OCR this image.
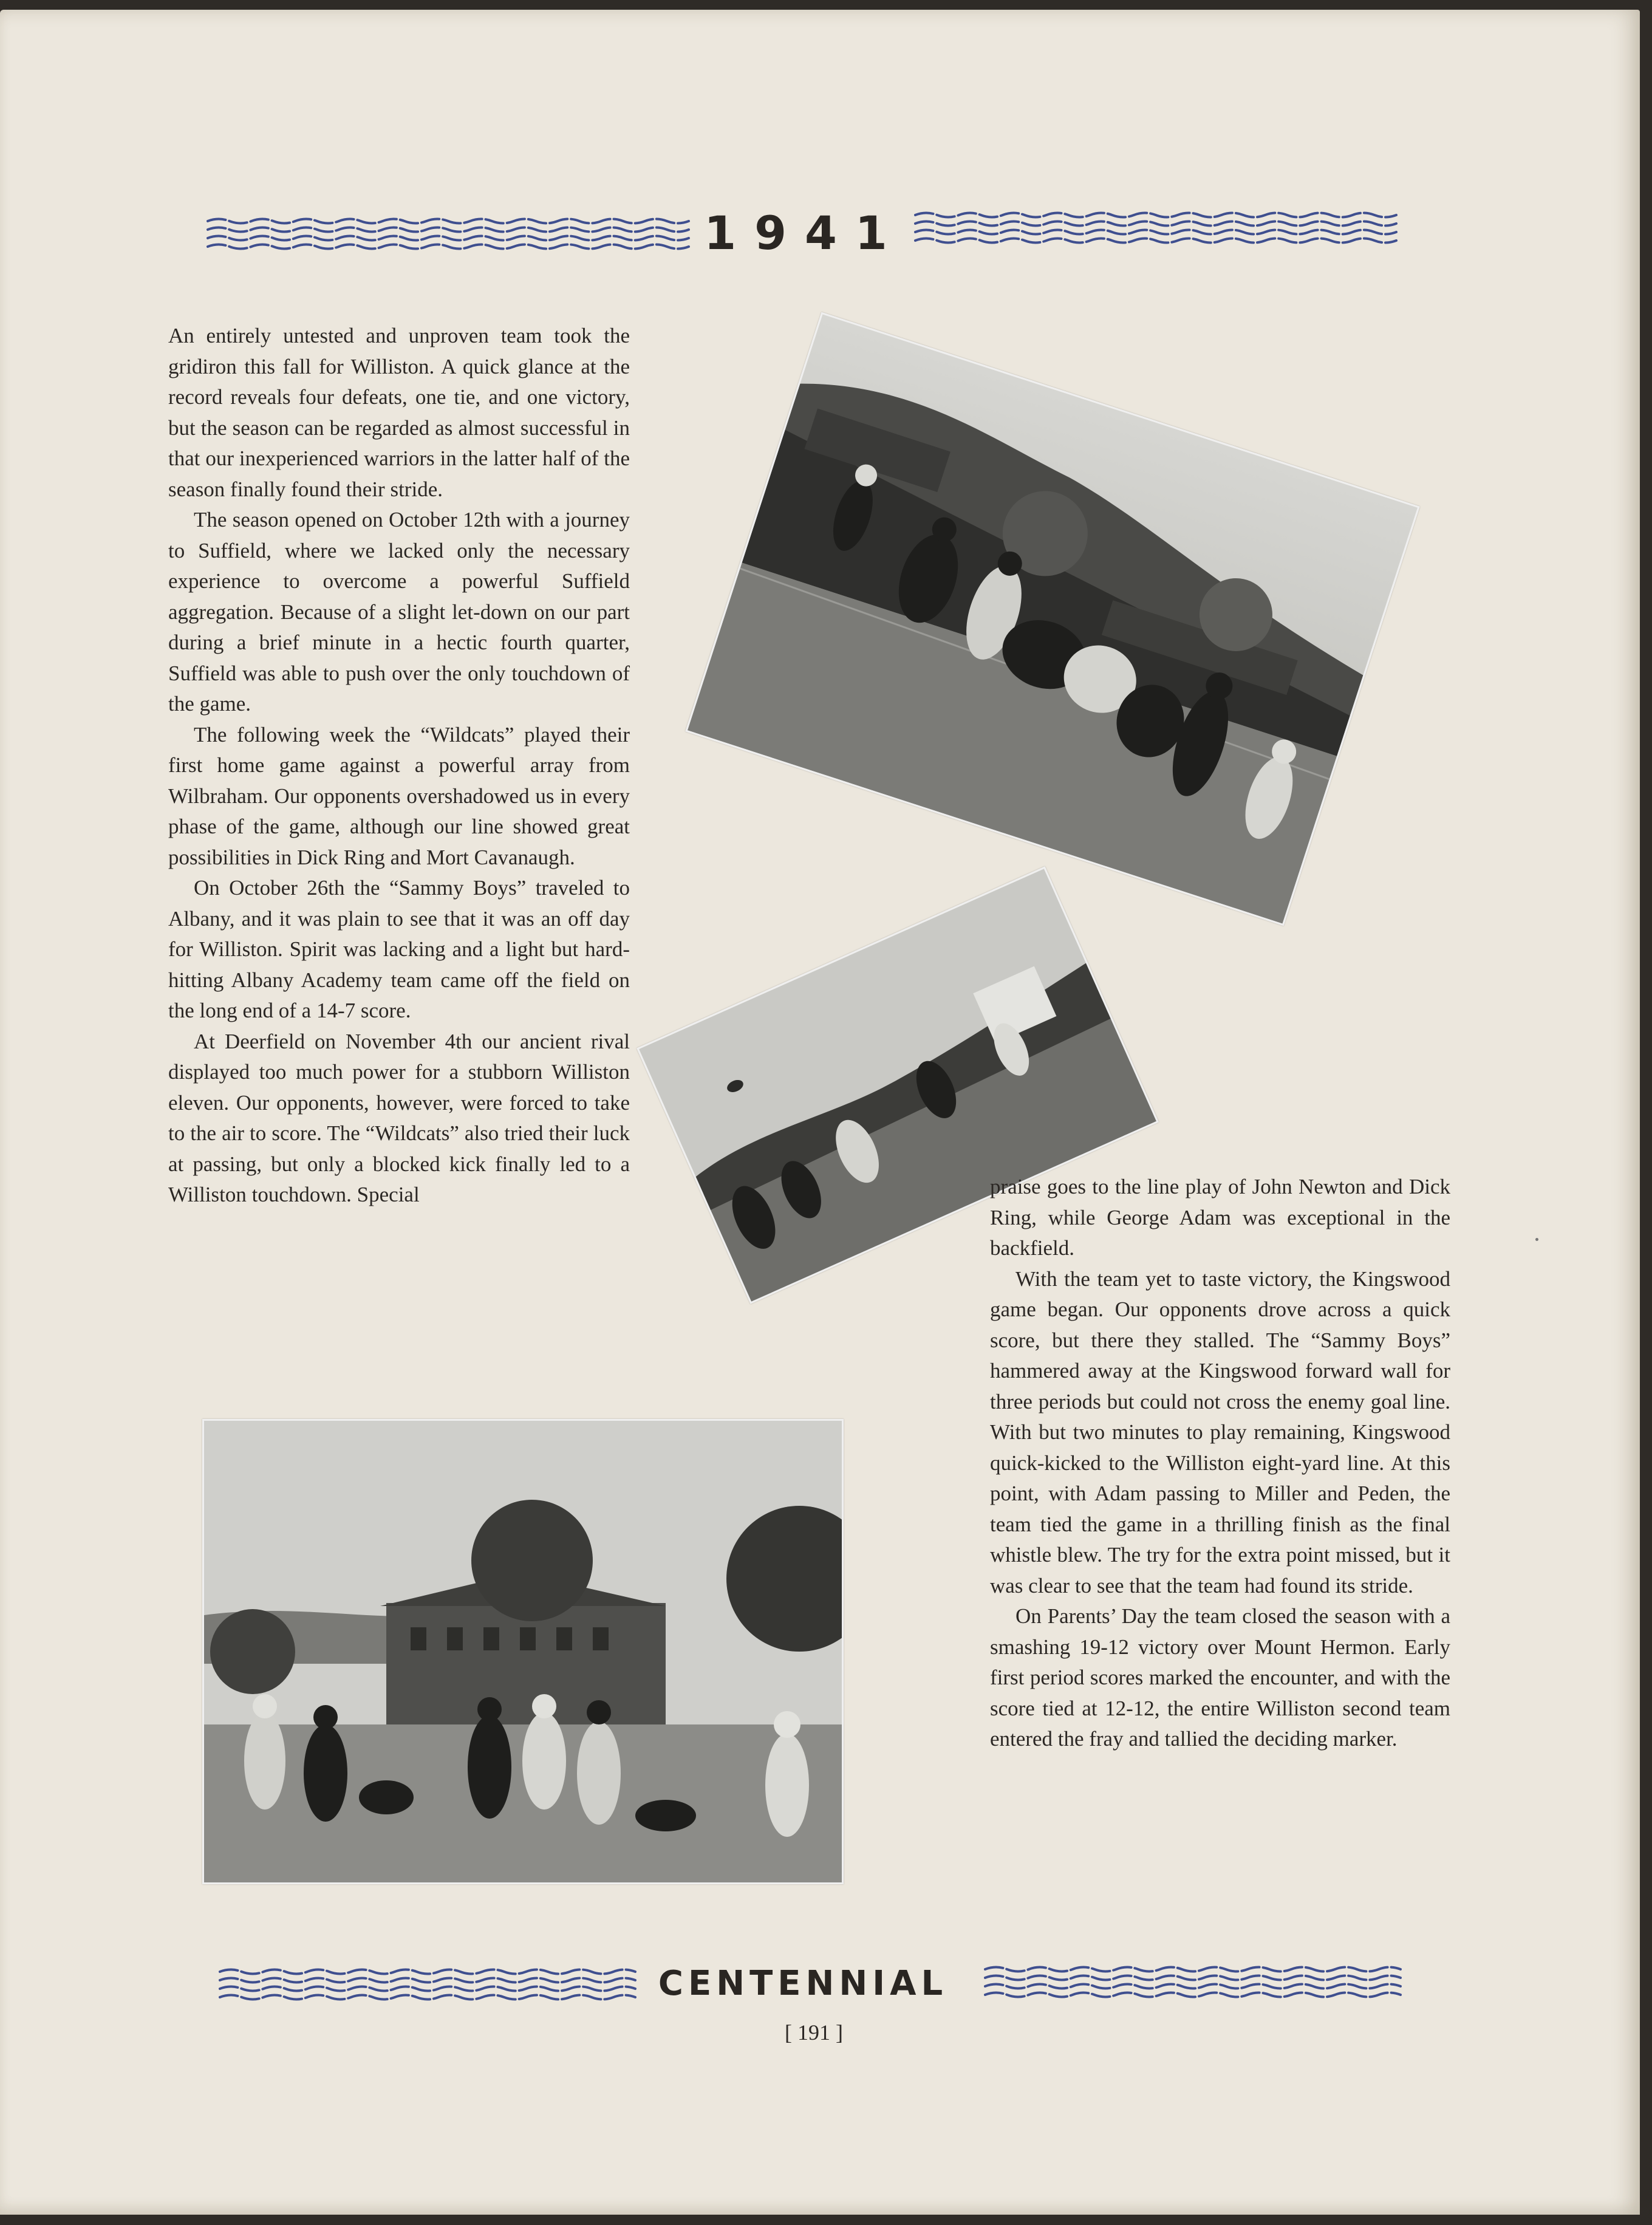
1941

An entirely untested and unproven team took the gridiron this fall for Williston. A quick glance at the record reveals four defeats, one tie, and one victory, but the season can be regarded as almost successful in that our inexperienced warriors in the latter half of the season finally found their stride.

The season opened on October 12th with a journey to Suffield, where we lacked only the necessary experience to overcome a powerful Suffield aggregation. Because of a slight let-down on our part during a brief minute in a hectic fourth quarter, Suffield was able to push over the only touchdown of the game.

The following week the “Wildcats” played their first home game against a powerful array from Wilbraham. Our opponents overshadowed us in every phase of the game, although our line showed great possibilities in Dick Ring and Mort Cavanaugh.

On October 26th the “Sammy Boys” traveled to Albany, and it was plain to see that it was an off day for Williston. Spirit was lacking and a light but hard-hitting Albany Academy team came off the field on the long end of a 14-7 score.

At Deerfield on November 4th our ancient rival displayed too much power for a stubborn Williston eleven. Our opponents, however, were forced to take to the air to score. The “Wildcats” also tried their luck at passing, but only a blocked kick finally led to a Williston touchdown. Special	praise goes to the line play of John Newton and Dick Ring, while George Adam was exceptional in the backfield.

With the team yet to taste victory, the Kingswood game began. Our opponents drove across a quick score, but there they stalled. The “Sammy Boys” hammered away at the Kingswood forward wall for three periods but could not cross the enemy goal line. With but two minutes to play remaining, Kingswood quick-kicked to the Williston eight-yard line. At this point, with Adam passing to Miller and Peden, the team tied the game in a thrilling finish as the final whistle blew. The try for the extra point missed, but it was clear to see that the team had found its stride.

On Parents’ Day the team closed the season with a smashing 19-12 victory over Mount Hermon. Early first period scores marked the encounter, and with the score tied at 12-12, the entire Williston second team entered the fray and tallied the deciding marker.

CENTENNIAL
[ 191 ]
